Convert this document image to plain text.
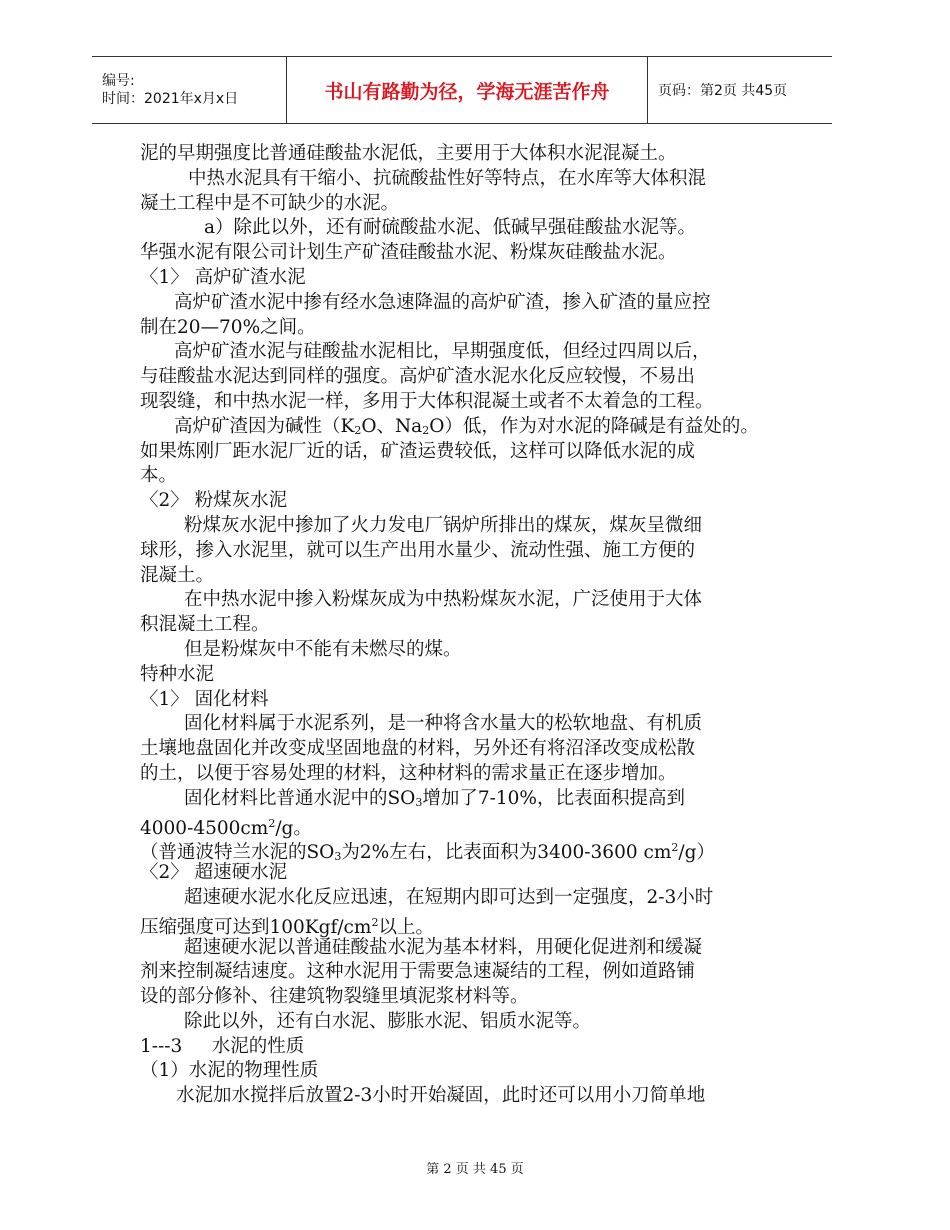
编号:
时间：2021年x月x日	书山有路勤为径，学海无涯苦作舟	页码：第2页 共45页
泥的早期强度比普通硅酸盐水泥低，主要用于大体积水泥混凝土。
中热水泥具有干缩小、抗硫酸盐性好等特点，在水库等大体积混
凝土工程中是不可缺少的水泥。
a）除此以外，还有耐硫酸盐水泥、低碱早强硅酸盐水泥等。
华强水泥有限公司计划生产矿渣硅酸盐水泥、粉煤灰硅酸盐水泥。
〈1〉 高炉矿渣水泥
高炉矿渣水泥中掺有经水急速降温的高炉矿渣，掺入矿渣的量应控
制在20—70%之间。
高炉矿渣水泥与硅酸盐水泥相比，早期强度低，但经过四周以后，
与硅酸盐水泥达到同样的强度。高炉矿渣水泥水化反应较慢，不易出
现裂缝，和中热水泥一样，多用于大体积混凝土或者不太着急的工程。
高炉矿渣因为碱性（$K_2O$、$Na_2O$）低，作为对水泥的降碱是有益处的。
如果炼刚厂距水泥厂近的话，矿渣运费较低，这样可以降低水泥的成
本。
〈2〉 粉煤灰水泥
粉煤灰水泥中掺加了火力发电厂锅炉所排出的煤灰，煤灰呈微细
球形，掺入水泥里，就可以生产出用水量少、流动性强、施工方便的
混凝土。
在中热水泥中掺入粉煤灰成为中热粉煤灰水泥，广泛使用于大体
积混凝土工程。
但是粉煤灰中不能有未燃尽的煤。
特种水泥
〈1〉 固化材料
固化材料属于水泥系列，是一种将含水量大的松软地盘、有机质
土壤地盘固化并改变成坚固地盘的材料，另外还有将沼泽改变成松散
的土，以便于容易处理的材料，这种材料的需求量正在逐步增加。
固化材料比普通水泥中的$SO_3$增加了7-10%，比表面积提高到
$4000-4500cm^2/g$。
（普通波特兰水泥的$SO_3$为2%左右，比表面积为3400-3600 $cm^2/g$）
〈2〉 超速硬水泥
超速硬水泥水化反应迅速，在短期内即可达到一定强度，2-3小时
压缩强度可达到$100Kgf/cm^2$以上。
超速硬水泥以普通硅酸盐水泥为基本材料，用硬化促进剂和缓凝
剂来控制凝结速度。这种水泥用于需要急速凝结的工程，例如道路铺
设的部分修补、往建筑物裂缝里填泥浆材料等。
除此以外，还有白水泥、膨胀水泥、铝质水泥等。
1---3     水泥的性质
（1）水泥的物理性质
水泥加水搅拌后放置2-3小时开始凝固，此时还可以用小刀简单地
第 2 页 共 45 页
